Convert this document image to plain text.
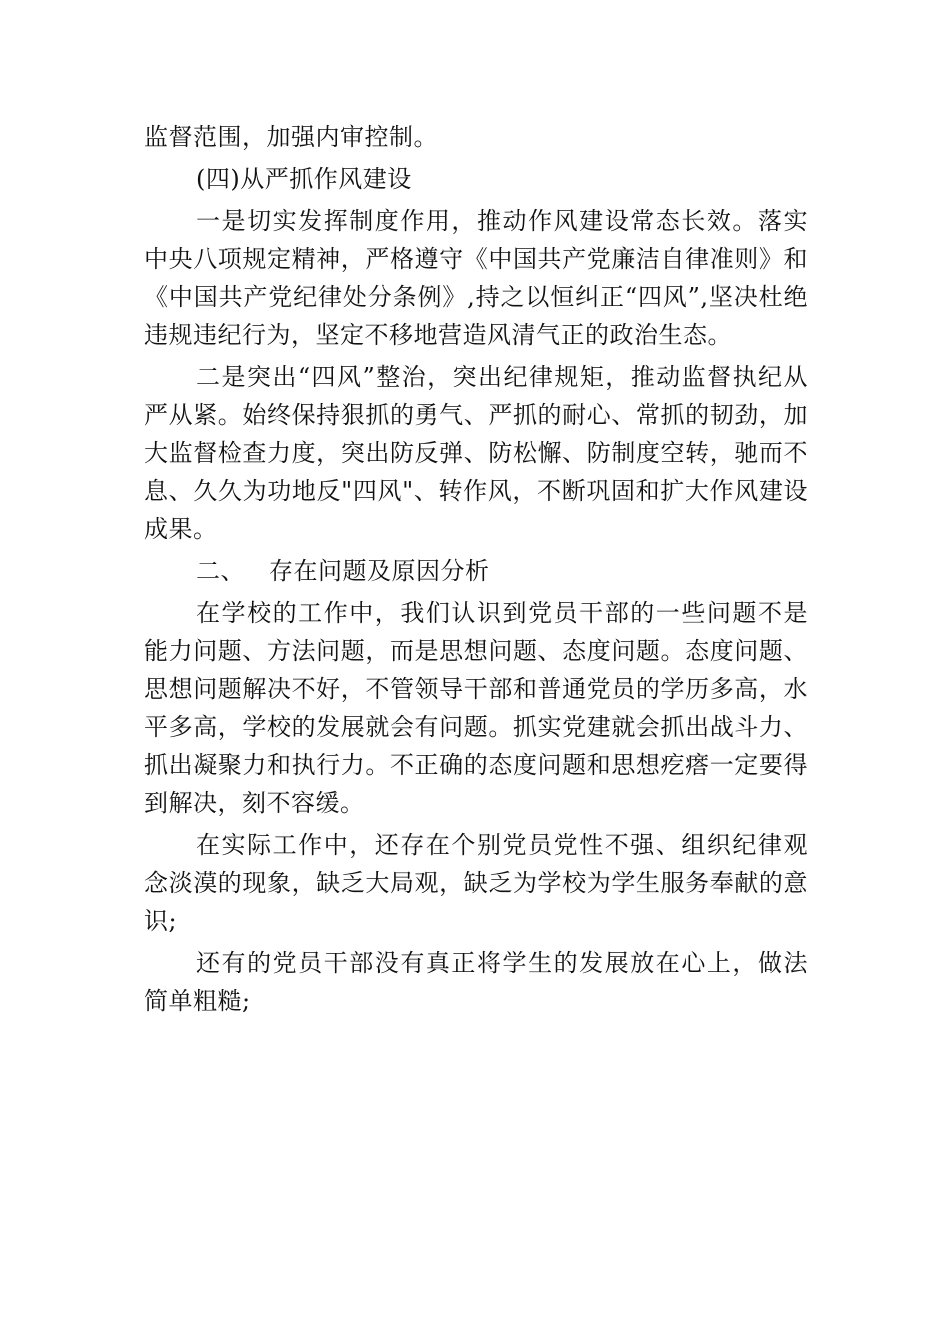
监督范围，加强内审控制。

(四)从严抓作风建设

一是切实发挥制度作用，推动作风建设常态长效。落实中央八项规定精神，严格遵守《中国共产党廉洁自律准则》和《中国共产党纪律处分条例》,持之以恒纠正“四风”,坚决杜绝违规违纪行为，坚定不移地营造风清气正的政治生态。

二是突出“四风”整治，突出纪律规矩，推动监督执纪从严从紧。始终保持狠抓的勇气、严抓的耐心、常抓的韧劲，加大监督检查力度，突出防反弹、防松懈、防制度空转，驰而不息、久久为功地反"四风"、转作风，不断巩固和扩大作风建设成果。

二、 存在问题及原因分析

在学校的工作中，我们认识到党员干部的一些问题不是能力问题、方法问题，而是思想问题、态度问题。态度问题、 思想问题解决不好，不管领导干部和普通党员的学历多高，水平多高，学校的发展就会有问题。抓实党建就会抓出战斗力、抓出凝聚力和执行力。不正确的态度问题和思想疙瘩一定要得到解决，刻不容缓。

在实际工作中，还存在个别党员党性不强、组织纪律观念淡漠的现象，缺乏大局观，缺乏为学校为学生服务奉献的意识;

还有的党员干部没有真正将学生的发展放在心上，做法简单粗糙;
